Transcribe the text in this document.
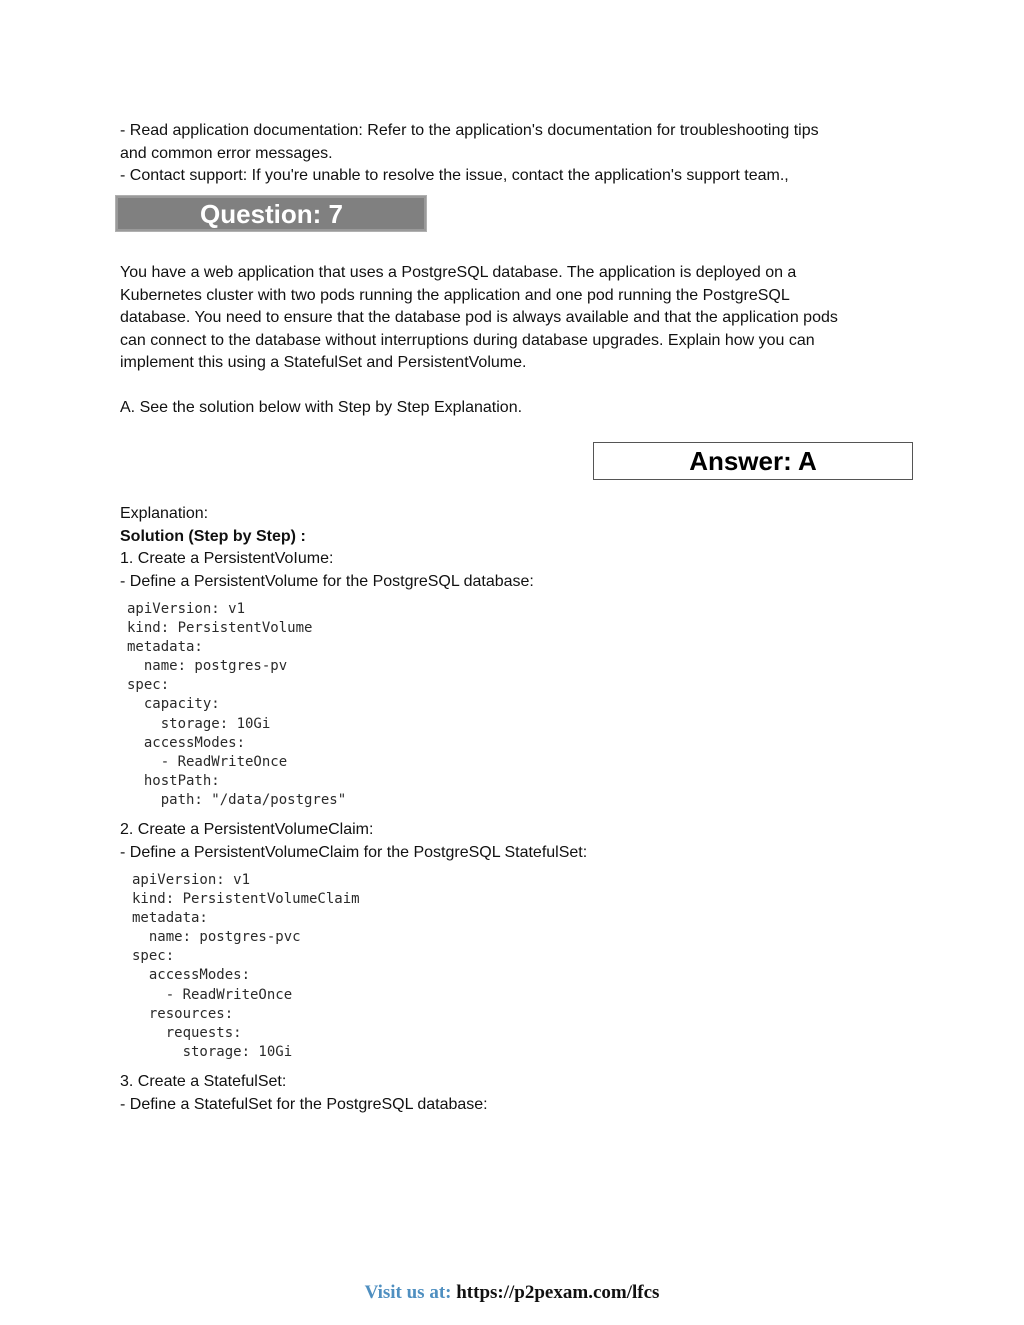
- Read application documentation: Refer to the application's documentation for troubleshooting tips
and common error messages.
- Contact support: If you're unable to resolve the issue, contact the application's support team.,
Question: 7
You have a web application that uses a PostgreSQL database. The application is deployed on a
Kubernetes cluster with two pods running the application and one pod running the PostgreSQL
database. You need to ensure that the database pod is always available and that the application pods
can connect to the database without interruptions during database upgrades. Explain how you can
implement this using a StatefulSet and PersistentVolume.
A. See the solution below with Step by Step Explanation.
Answer: A
Explanation:
Solution (Step by Step) :
1. Create a PersistentVoIume:
- Define a PersistentVolume for the PostgreSQL database:
apiVersion: v1
kind: PersistentVolume
metadata:
name: postgres-pv
spec:
capacity:
storage: 10Gi
accessModes:
- ReadWriteOnce
hostPath:
path: "/data/postgres"
2. Create a PersistentVolumeClaim:
- Define a PersistentVolumeClaim for the PostgreSQL StatefulSet:
apiVersion: v1
kind: PersistentVolumeClaim
metadata:
name: postgres-pvc
spec:
accessModes:
- ReadWriteOnce
resources:
requests:
storage: 10Gi
3. Create a StatefulSet:
- Define a StatefulSet for the PostgreSQL database:
Visit us at: https://p2pexam.com/lfcs
